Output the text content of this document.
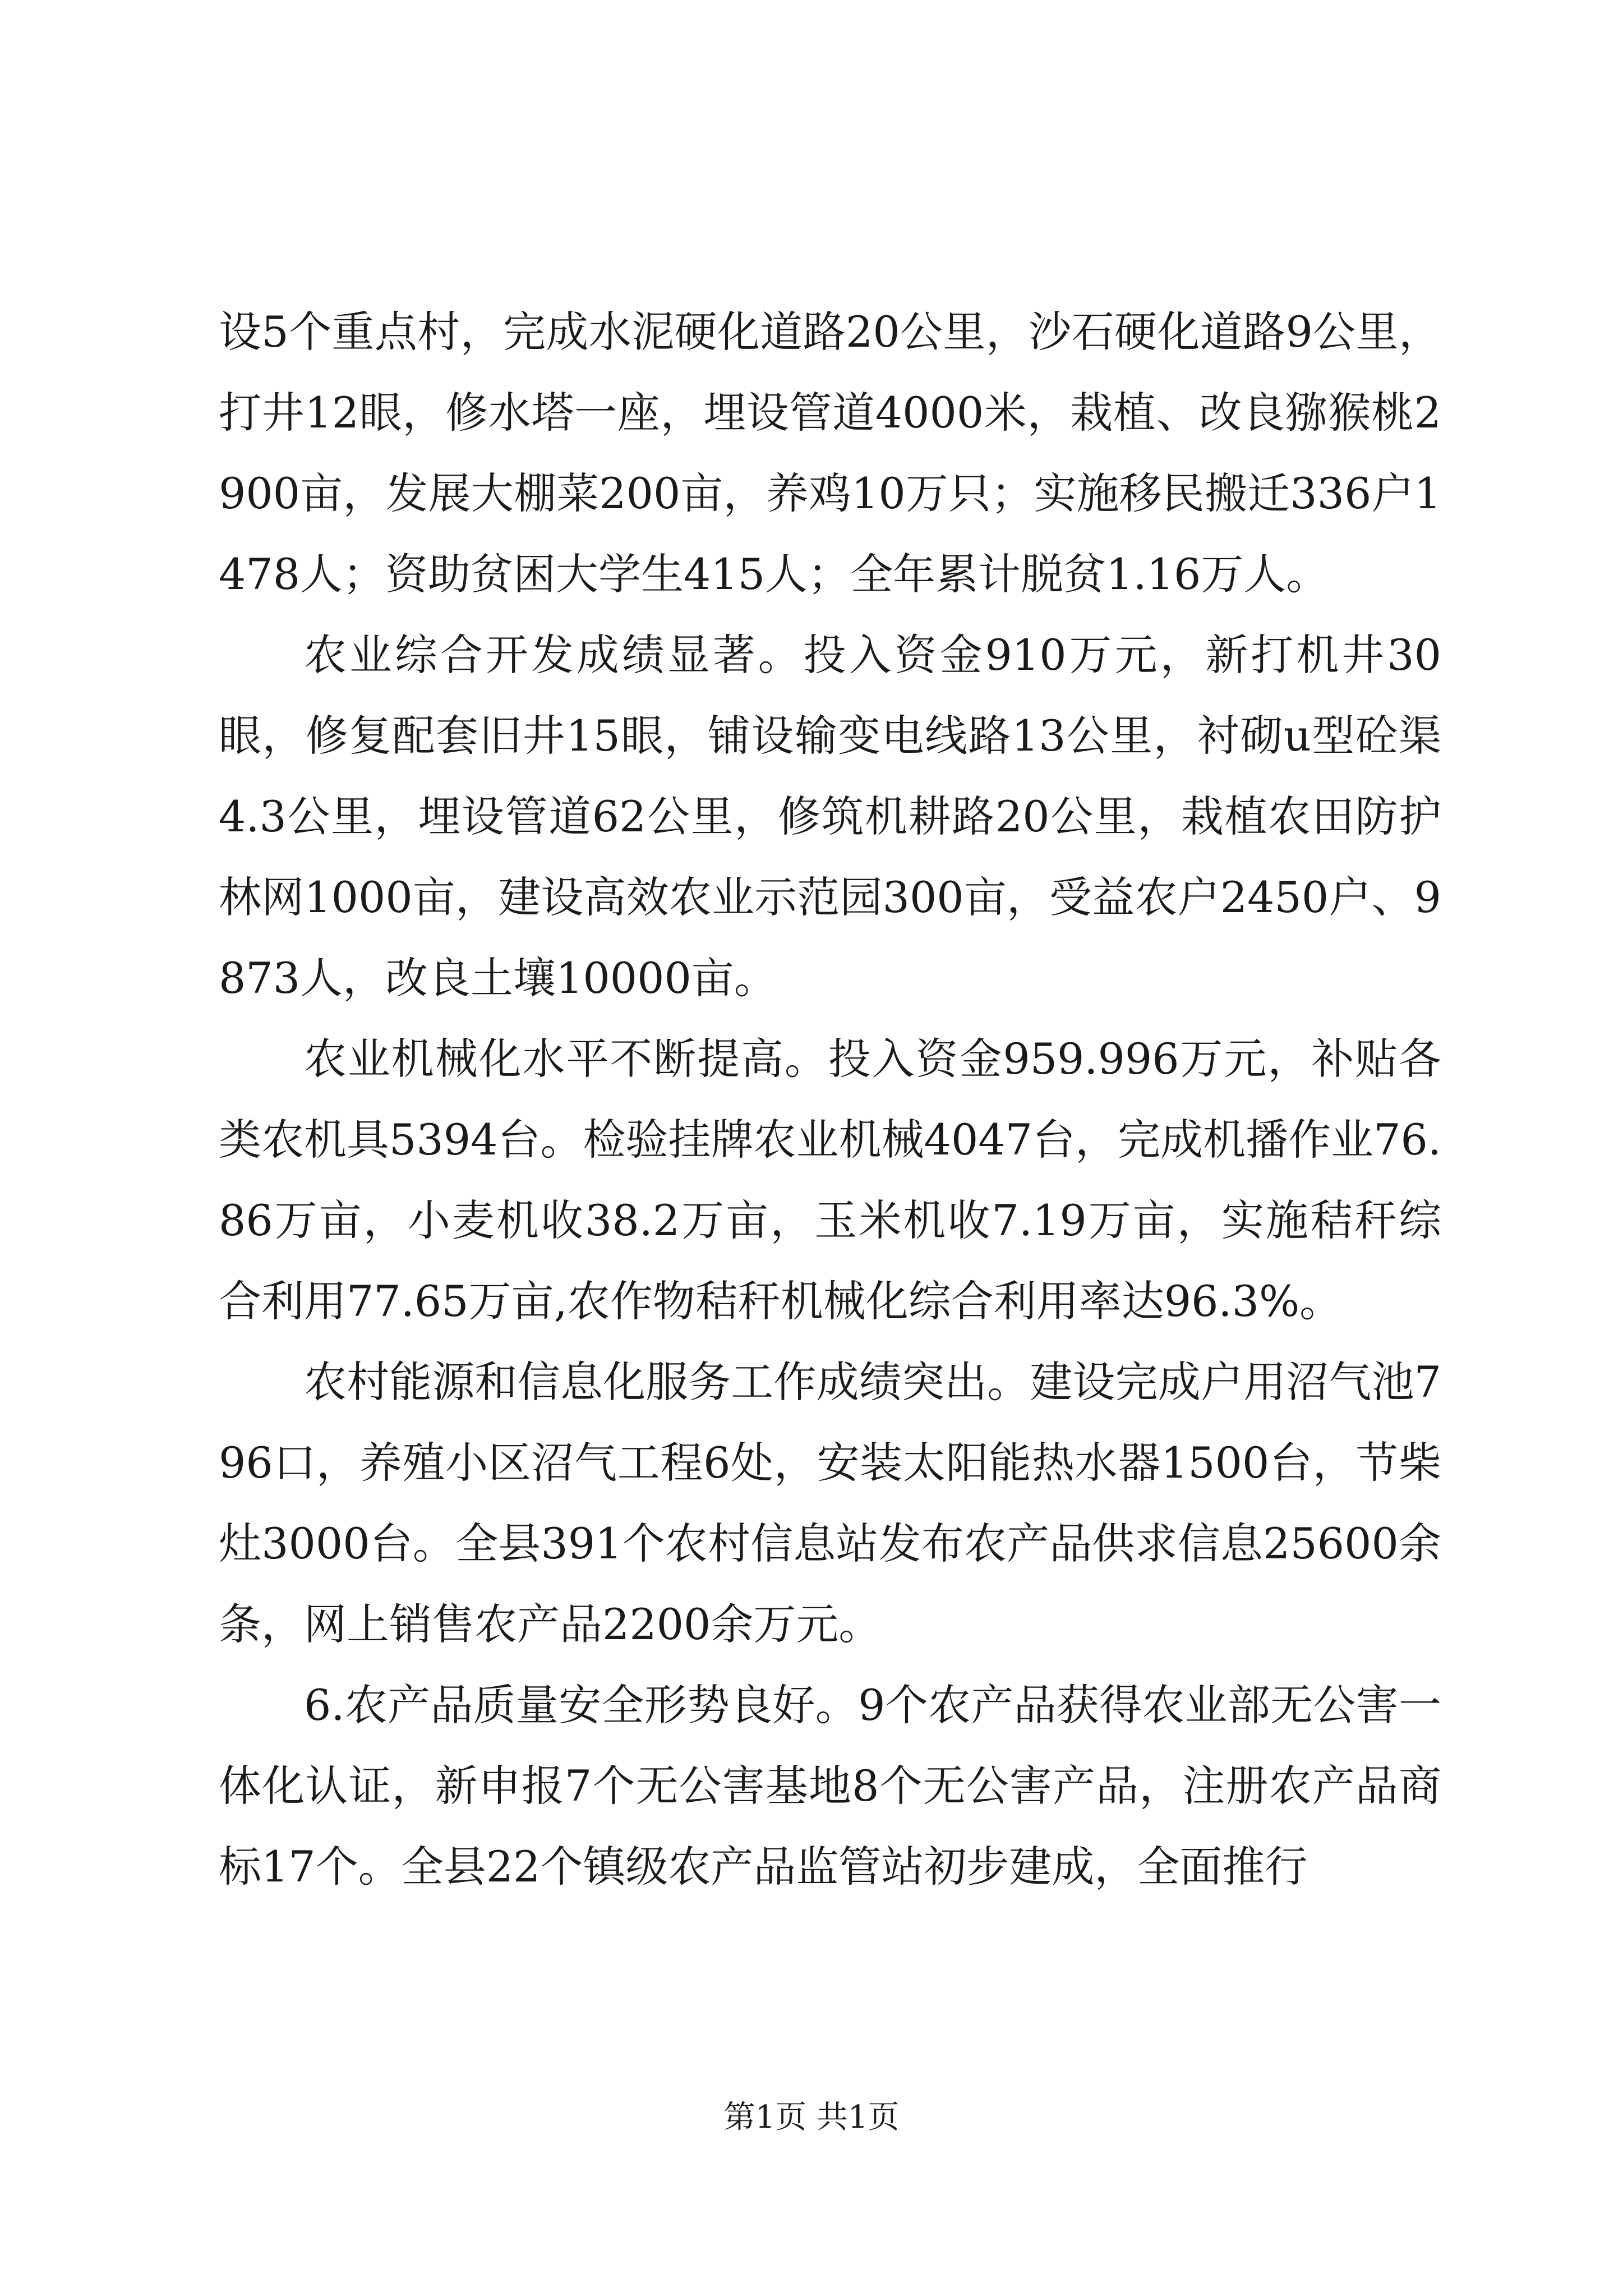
设5个重点村，完成水泥硬化道路20公里，沙石硬化道路9公里，打井12眼，修水塔一座，埋设管道4000米，栽植、改良猕猴桃2900亩，发展大棚菜200亩，养鸡10万只；实施移民搬迁336户1478人；资助贫困大学生415人；全年累计脱贫1.16万人。

农业综合开发成绩显著。投入资金910万元，新打机井30眼，修复配套旧井15眼，铺设输变电线路13公里，衬砌u型砼渠4.3公里，埋设管道62公里，修筑机耕路20公里，栽植农田防护林网1000亩，建设高效农业示范园300亩，受益农户2450户、9873人，改良土壤10000亩。

农业机械化水平不断提高。投入资金959.996万元，补贴各类农机具5394台。检验挂牌农业机械4047台，完成机播作业76.86万亩，小麦机收38.2万亩，玉米机收7.19万亩，实施秸秆综合利用77.65万亩,农作物秸秆机械化综合利用率达96.3%。

农村能源和信息化服务工作成绩突出。建设完成户用沼气池796口，养殖小区沼气工程6处，安装太阳能热水器1500台，节柴灶3000台。全县391个农村信息站发布农产品供求信息25600余条，网上销售农产品2200余万元。

6.农产品质量安全形势良好。9个农产品获得农业部无公害一体化认证，新申报7个无公害基地8个无公害产品，注册农产品商标17个。全县22个镇级农产品监管站初步建成，全面推行

第1页 共1页
